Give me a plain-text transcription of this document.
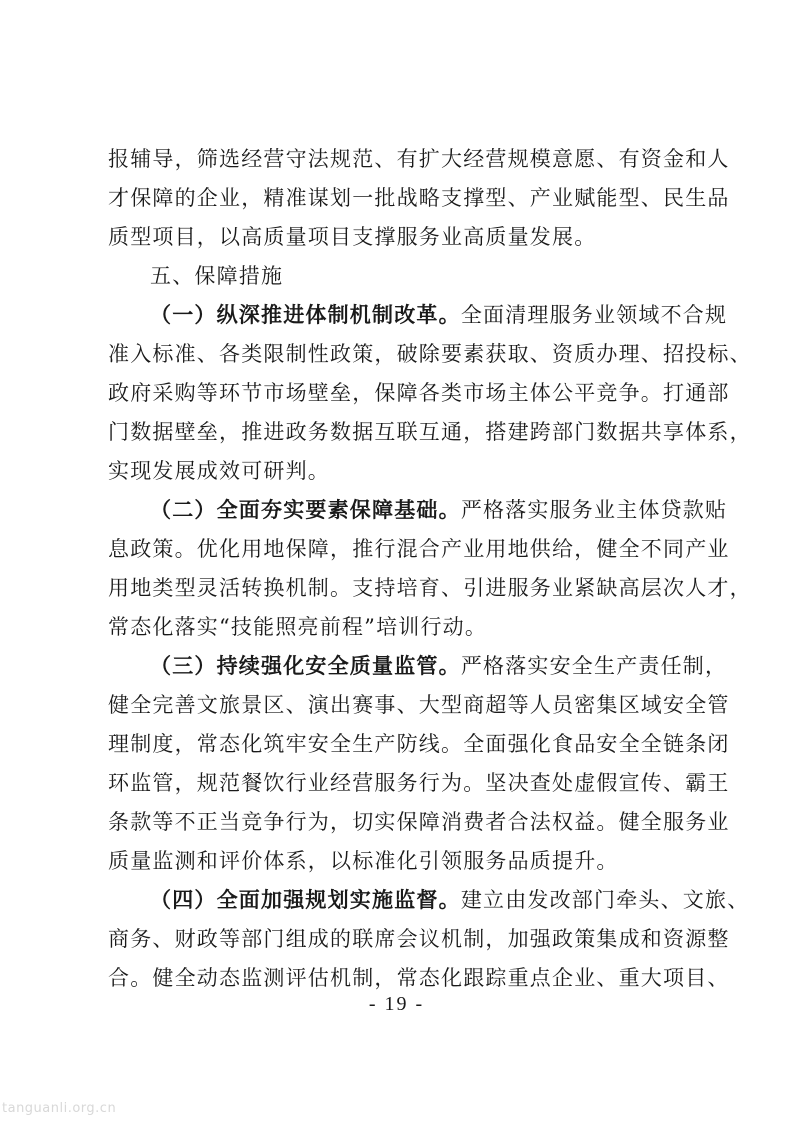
报辅导，筛选经营守法规范、有扩大经营规模意愿、有资金和人
才保障的企业，精准谋划一批战略支撑型、产业赋能型、民生品
质型项目，以高质量项目支撑服务业高质量发展。
五、保障措施
（一）纵深推进体制机制改革。全面清理服务业领域不合规
准入标准、各类限制性政策，破除要素获取、资质办理、招投标、
政府采购等环节市场壁垒，保障各类市场主体公平竞争。打通部
门数据壁垒，推进政务数据互联互通，搭建跨部门数据共享体系，
实现发展成效可研判。
（二）全面夯实要素保障基础。严格落实服务业主体贷款贴
息政策。优化用地保障，推行混合产业用地供给，健全不同产业
用地类型灵活转换机制。支持培育、引进服务业紧缺高层次人才，
常态化落实“技能照亮前程”培训行动。
（三）持续强化安全质量监管。严格落实安全生产责任制，
健全完善文旅景区、演出赛事、大型商超等人员密集区域安全管
理制度，常态化筑牢安全生产防线。全面强化食品安全全链条闭
环监管，规范餐饮行业经营服务行为。坚决查处虚假宣传、霸王
条款等不正当竞争行为，切实保障消费者合法权益。健全服务业
质量监测和评价体系，以标准化引领服务品质提升。
（四）全面加强规划实施监督。建立由发改部门牵头、文旅、
商务、财政等部门组成的联席会议机制，加强政策集成和资源整
合。健全动态监测评估机制，常态化跟踪重点企业、重大项目、
- 19 -
tanguanli.org.cn
